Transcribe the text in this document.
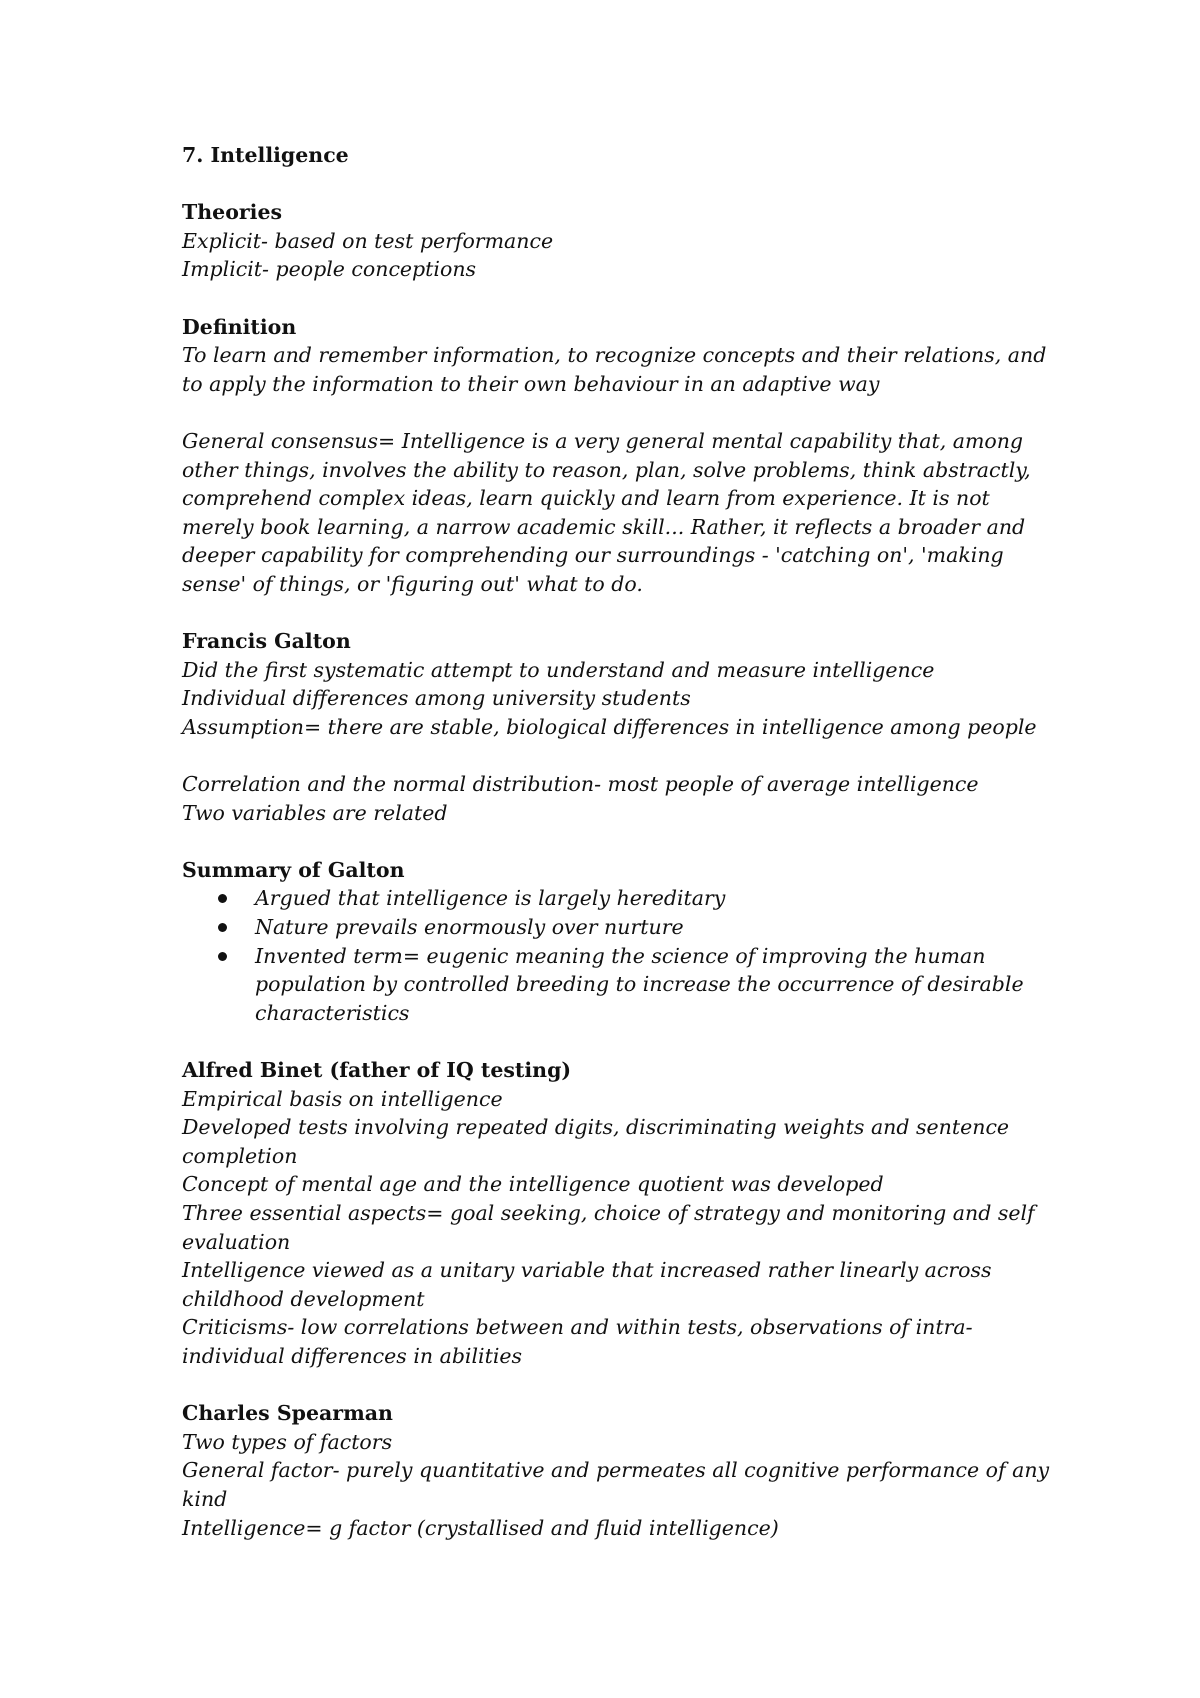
7. Intelligence
Theories
Explicit- based on test performance
Implicit- people conceptions
Definition
To learn and remember information, to recognize concepts and their relations, and
to apply the information to their own behaviour in an adaptive way
General consensus= Intelligence is a very general mental capability that, among
other things, involves the ability to reason, plan, solve problems, think abstractly,
comprehend complex ideas, learn quickly and learn from experience. It is not
merely book learning, a narrow academic skill... Rather, it reflects a broader and
deeper capability for comprehending our surroundings - 'catching on', 'making
sense' of things, or 'figuring out' what to do.
Francis Galton
Did the first systematic attempt to understand and measure intelligence
Individual differences among university students
Assumption= there are stable, biological differences in intelligence among people
Correlation and the normal distribution- most people of average intelligence
Two variables are related
Summary of Galton
Argued that intelligence is largely hereditary
Nature prevails enormously over nurture
Invented term= eugenic meaning the science of improving the human
population by controlled breeding to increase the occurrence of desirable
characteristics
Alfred Binet (father of IQ testing)
Empirical basis on intelligence
Developed tests involving repeated digits, discriminating weights and sentence
completion
Concept of mental age and the intelligence quotient was developed
Three essential aspects= goal seeking, choice of strategy and monitoring and self
evaluation
Intelligence viewed as a unitary variable that increased rather linearly across
childhood development
Criticisms- low correlations between and within tests, observations of intra-
individual differences in abilities
Charles Spearman
Two types of factors
General factor- purely quantitative and permeates all cognitive performance of any
kind
Intelligence= g factor (crystallised and fluid intelligence)
